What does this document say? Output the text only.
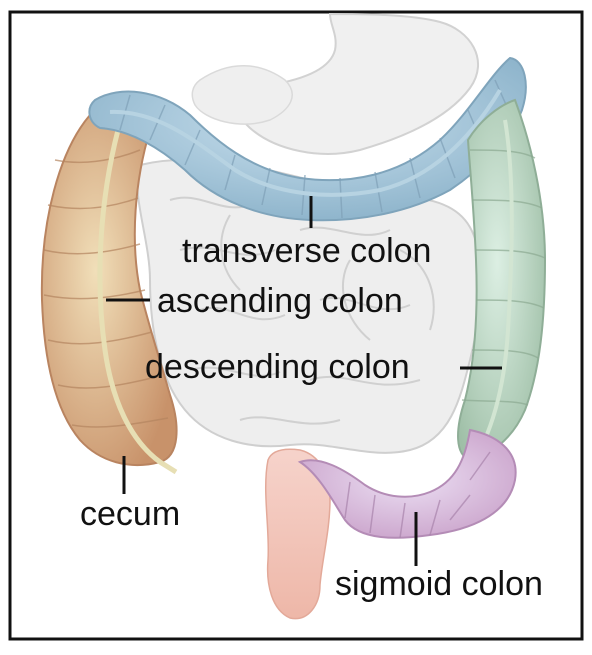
transverse colon
ascending colon
descending colon
cecum
sigmoid colon
